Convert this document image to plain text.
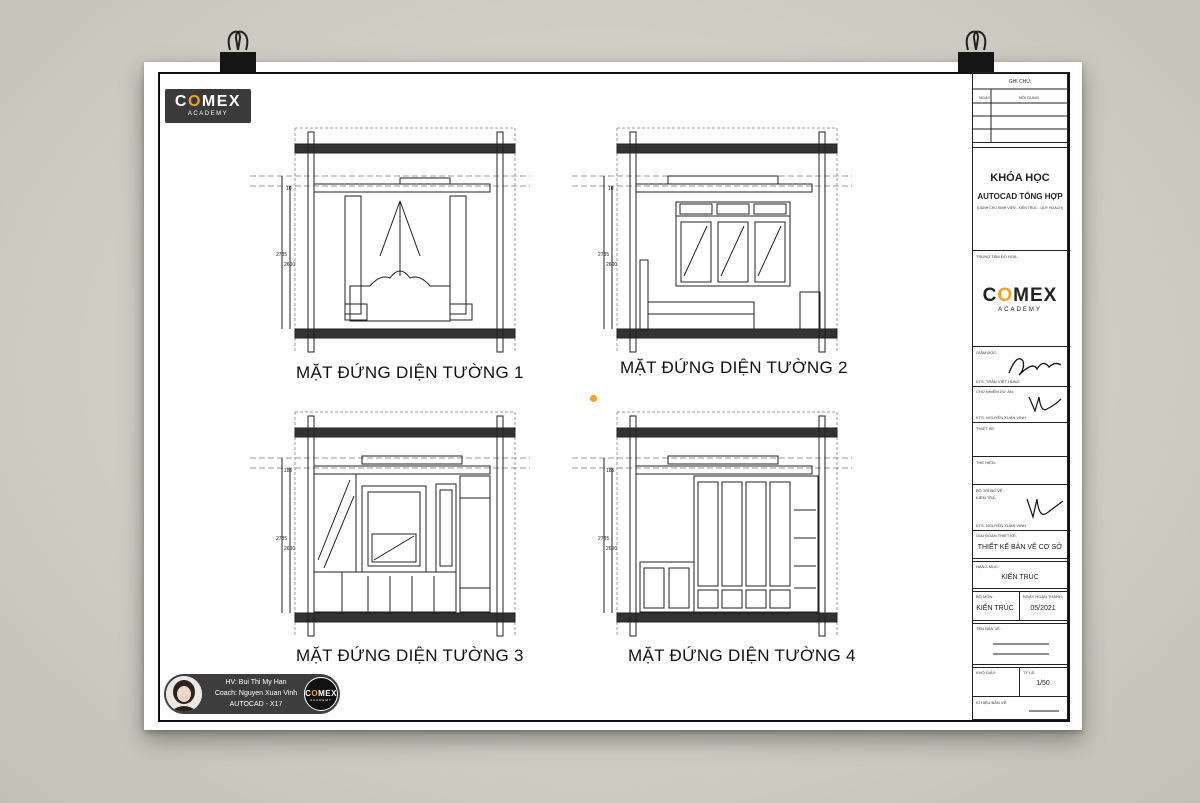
COMEX
ACADEMY
10
2785
2600
MẶT ĐỨNG DIỆN TƯỜNG 1
2785
2600
10
MẶT ĐỨNG DIỆN TƯỜNG 2
185
2785
2600
MẶT ĐỨNG DIỆN TƯỜNG 3
185
2785
2600
MẶT ĐỨNG DIỆN TƯỜNG 4
GHI CHÚ:
NGÀY	NỘI DUNG
KHÓA HỌC
AUTOCAD TỔNG HỢP
(DÀNH CHO SINH VIÊN - KIẾN TRÚC - QUY HOẠCH)
TRUNG TÂM ĐỒ HỌA:
COMEX
ACADEMY
GIÁM ĐỐC:
KTS. TRẦN VIỆT HÙNG
CHỦ NHIỆM DỰ ÁN:
KTS. NGUYỄN XUÂN VINH
THIẾT KẾ:
THỂ HIỆN:
BỘ TRÌ BỐ VẼ:
KIỂM TRA:
KTS. NGUYỄN XUÂN VINH
GIAI ĐOẠN THIẾT KẾ:
THIẾT KẾ BẢN VẼ CƠ SỞ
HẠNG MỤC:
KIẾN TRÚC
BỘ MÔN:
KIẾN TRÚC
NGÀY HOÀN THÀNH:
05/2021
TÊN BẢN VẼ:
KHỔ GIẤY:	TỶ LỆ:
1/50
KÍ HIỆU BẢN VẼ:
HV: Bui Thi My Han
Coach: Nguyen Xuan Vinh
AUTOCAD - X17
COMEX
ACADEMY
